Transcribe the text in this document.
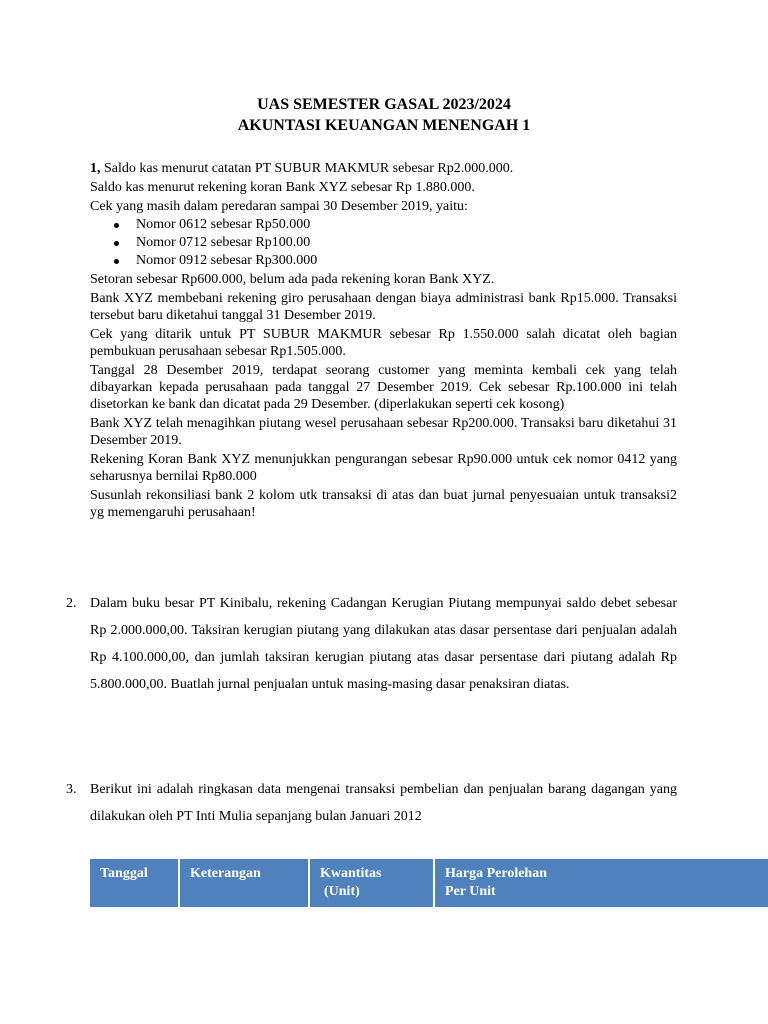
UAS SEMESTER GASAL 2023/2024
AKUNTASI KEUANGAN MENENGAH 1

1, Saldo kas menurut catatan PT SUBUR MAKMUR sebesar Rp2.000.000.

Saldo kas menurut rekening koran Bank XYZ sebesar Rp 1.880.000.

Cek yang masih dalam peredaran sampai 30 Desember 2019, yaitu:

Nomor 0612 sebesar Rp50.000
Nomor 0712 sebesar Rp100.00
Nomor 0912 sebesar Rp300.000

Setoran sebesar Rp600.000, belum ada pada rekening koran Bank XYZ.

Bank XYZ membebani rekening giro perusahaan dengan biaya administrasi bank Rp15.000. Transaksi tersebut baru diketahui tanggal 31 Desember 2019.

Cek yang ditarik untuk PT SUBUR MAKMUR sebesar Rp 1.550.000 salah dicatat oleh bagian pembukuan perusahaan sebesar Rp1.505.000.

Tanggal 28 Desember 2019, terdapat seorang customer yang meminta kembali cek yang telah dibayarkan kepada perusahaan pada tanggal 27 Desember 2019. Cek sebesar Rp.100.000 ini telah disetorkan ke bank dan dicatat pada 29 Desember. (diperlakukan seperti cek kosong)

Bank XYZ telah menagihkan piutang wesel perusahaan sebesar Rp200.000. Transaksi baru diketahui 31 Desember 2019.

Rekening Koran Bank XYZ menunjukkan pengurangan sebesar Rp90.000 untuk cek nomor 0412 yang seharusnya bernilai Rp80.000

Susunlah rekonsiliasi bank 2 kolom utk transaksi di atas dan buat jurnal penyesuaian untuk transaksi2 yg memengaruhi perusahaan!

2. Dalam buku besar PT Kinibalu, rekening Cadangan Kerugian Piutang mempunyai saldo debet sebesar Rp 2.000.000,00. Taksiran kerugian piutang yang dilakukan atas dasar persentase dari penjualan adalah Rp 4.100.000,00, dan jumlah taksiran kerugian piutang atas dasar persentase dari piutang adalah Rp 5.800.000,00. Buatlah jurnal penjualan untuk masing-masing dasar penaksiran diatas.
3. Berikut ini adalah ringkasan data mengenai transaksi pembelian dan penjualan barang dagangan yang dilakukan oleh PT Inti Mulia sepanjang bulan Januari 2012
Tanggal	Keterangan	Kwantitas
(Unit)
Harga Perolehan
Per Unit
